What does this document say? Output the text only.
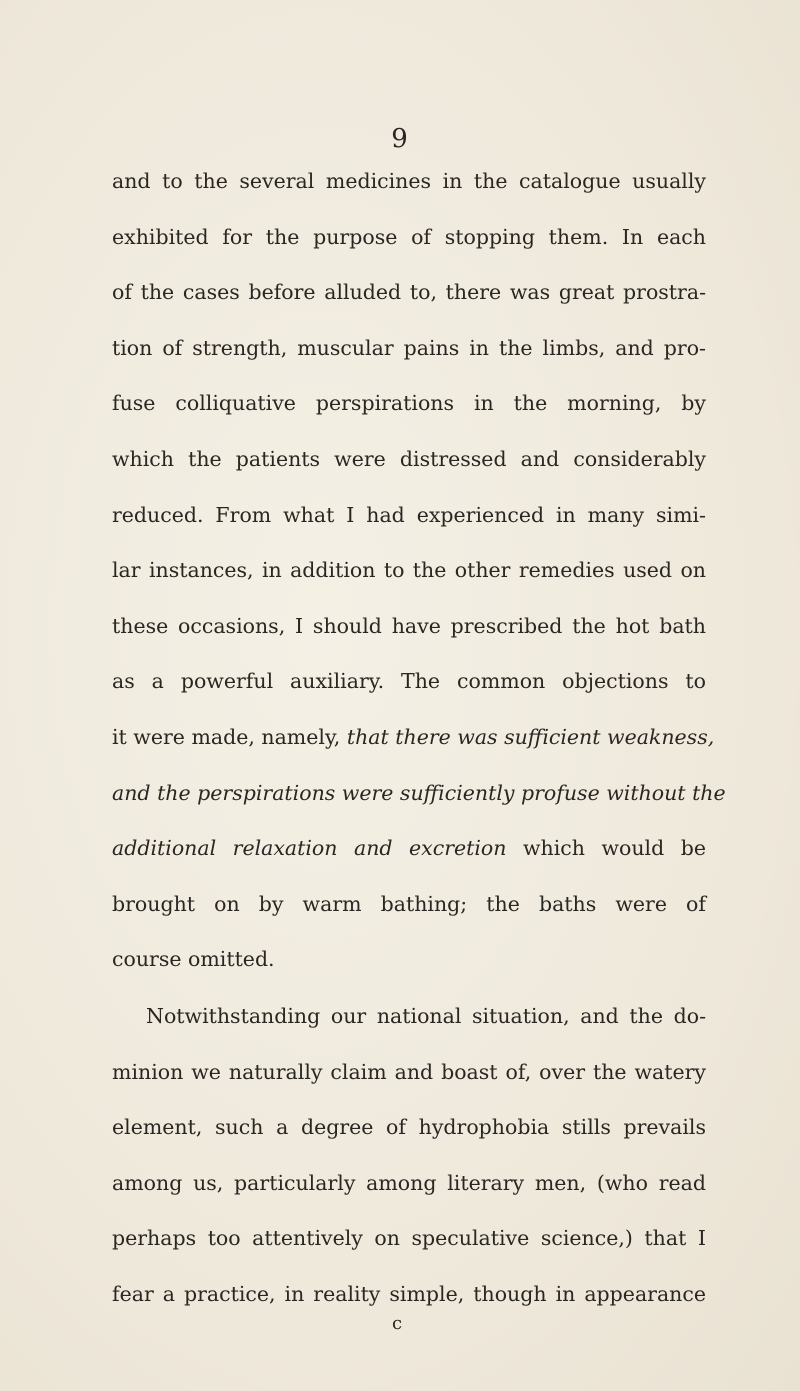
9
and to the several medicines in the catalogue usually
exhibited for the purpose of stopping them. In each
of the cases before alluded to, there was great prostra-
tion of strength, muscular pains in the limbs, and pro-
fuse colliquative perspirations in the morning, by
which the patients were distressed and considerably
reduced. From what I had experienced in many simi-
lar instances, in addition to the other remedies used on
these occasions, I should have prescribed the hot bath
as a powerful auxiliary. The common objections to
it were made, namely, that there was sufficient weakness,
and the perspirations were sufficiently profuse without the
additional relaxation and excretion which would be
brought on by warm bathing; the baths were of
course omitted.
Notwithstanding our national situation, and the do-
minion we naturally claim and boast of, over the watery
element, such a degree of hydrophobia stills prevails
among us, particularly among literary men, (who read
perhaps too attentively on speculative science,) that I
fear a practice, in reality simple, though in appearance
c
